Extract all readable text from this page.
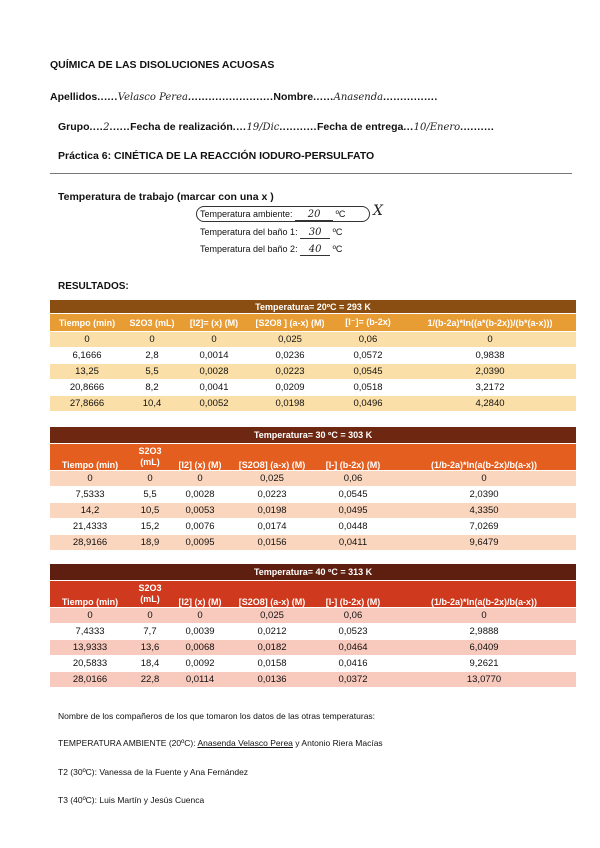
QUÍMICA DE LAS DISOLUCIONES ACUOSAS
Apellidos......Velasco Perea.........................Nombre......Anasenda................
Grupo....2......Fecha de realización....19/Dic...........Fecha de entrega...10/Enero..........
Práctica 6: CINÉTICA DE LA REACCIÓN IODURO-PERSULFATO
Temperatura de trabajo (marcar con una x )
Temperatura ambiente: 20 ºC X
Temperatura del baño 1: 30 ºC
Temperatura del baño 2: 40 ºC
RESULTADOS:
Temperatura= 20ºC = 293 K					
Tiempo (min)	S2O3 (mL)	[I2]= (x) (M)	[S2O8 ] (a-x) (M)	[I⁻]= (b-2x)	1/(b-2a)*ln((a*(b-2x))/(b*(a-x)))
0	0	0	0,025	0,06	0
6,1666	2,8	0,0014	0,0236	0,0572	0,9838
13,25	5,5	0,0028	0,0223	0,0545	2,0390
20,8666	8,2	0,0041	0,0209	0,0518	3,2172
27,8666	10,4	0,0052	0,0198	0,0496	4,2840
Temperatura= 30 ºC = 303 K					
Tiempo (min)	S2O3 (mL)	[I2] (x) (M)	[S2O8] (a-x) (M)	[I-] (b-2x) (M)	(1/b-2a)*ln(a(b-2x)/b(a-x))
0	0	0	0,025	0,06	0
7,5333	5,5	0,0028	0,0223	0,0545	2,0390
14,2	10,5	0,0053	0,0198	0,0495	4,3350
21,4333	15,2	0,0076	0,0174	0,0448	7,0269
28,9166	18,9	0,0095	0,0156	0,0411	9,6479
Temperatura= 40 ºC = 313 K					
Tiempo (min)	S2O3 (mL)	[I2] (x) (M)	[S2O8] (a-x) (M)	[I-] (b-2x) (M)	(1/b-2a)*ln(a(b-2x)/b(a-x))
0	0	0	0,025	0,06	0
7,4333	7,7	0,0039	0,0212	0,0523	2,9888
13,9333	13,6	0,0068	0,0182	0,0464	6,0409
20,5833	18,4	0,0092	0,0158	0,0416	9,2621
28,0166	22,8	0,0114	0,0136	0,0372	13,0770
Nombre de los compañeros de los que tomaron los datos de las otras temperaturas:
TEMPERATURA AMBIENTE (20ºC): Anasenda Velasco Perea y Antonio Riera Macías
T2 (30ºC): Vanessa de la Fuente y Ana Fernández
T3 (40ºC): Luis Martín y Jesús Cuenca
